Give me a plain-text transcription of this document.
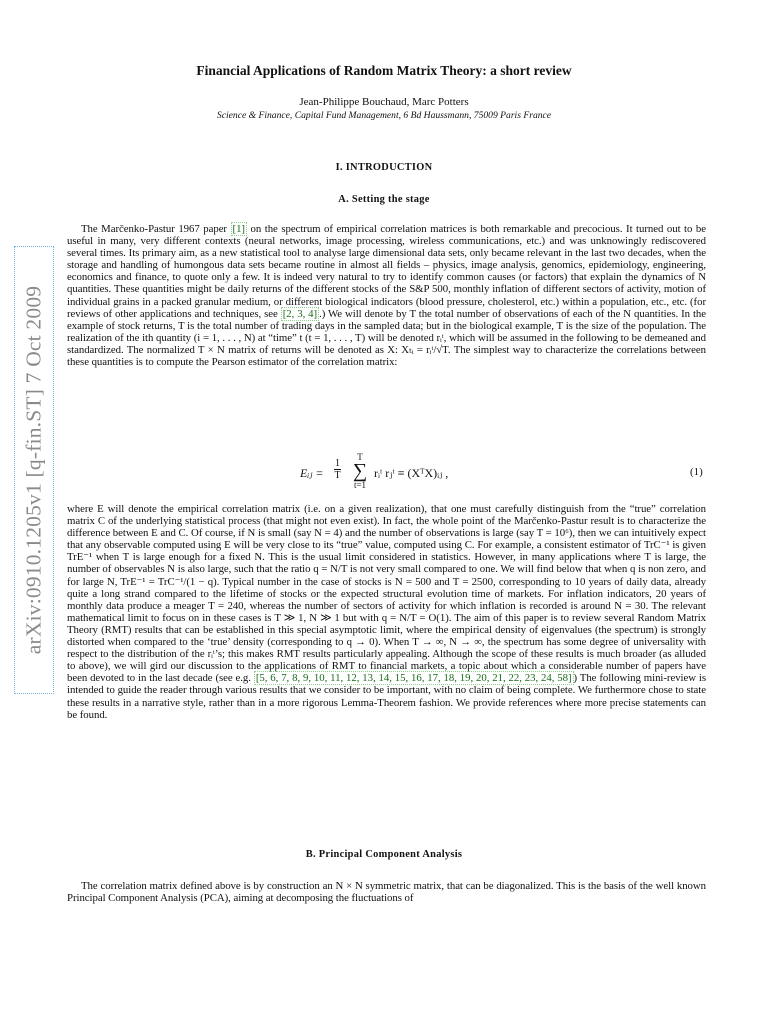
arXiv:0910.1205v1 [q-fin.ST] 7 Oct 2009
Financial Applications of Random Matrix Theory: a short review
Jean-Philippe Bouchaud, Marc Potters
Science & Finance, Capital Fund Management, 6 Bd Haussmann, 75009 Paris France
I. INTRODUCTION
A. Setting the stage

The Marčenko-Pastur 1967 paper [1] on the spectrum of empirical correlation matrices is both remarkable and precocious. It turned out to be useful in many, very different contexts (neural networks, image processing, wireless communications, etc.) and was unknowingly rediscovered several times. Its primary aim, as a new statistical tool to analyse large dimensional data sets, only became relevant in the last two decades, when the storage and handling of humongous data sets became routine in almost all fields – physics, image analysis, genomics, epidemiology, engineering, economics and finance, to quote only a few. It is indeed very natural to try to identify common causes (or factors) that explain the dynamics of N quantities. These quantities might be daily returns of the different stocks of the S&P 500, monthly inflation of different sectors of activity, motion of individual grains in a packed granular medium, or different biological indicators (blood pressure, cholesterol, etc.) within a population, etc., etc. (for reviews of other applications and techniques, see [2, 3, 4] .) We will denote by T the total number of observations of each of the N quantities. In the example of stock returns, T is the total number of trading days in the sampled data; but in the biological example, T is the size of the population. The realization of the ith quantity (i = 1, . . . , N) at “time” t (t = 1, . . . , T) will be denoted rᵢᵗ, which will be assumed in the following to be demeaned and standardized. The normalized T × N matrix of returns will be denoted as X: Xₜᵢ = rᵢᵗ/√T. The simplest way to characterize the correlations between these quantities is to compute the Pearson estimator of the correlation matrix:

Eᵢⱼ = $\frac{1}{T}$
T
∑
t=1
rᵢᵗ rⱼᵗ ≡ (XᵀX)ᵢⱼ ,	(1)

where E will denote the empirical correlation matrix (i.e. on a given realization), that one must carefully distinguish from the “true” correlation matrix C of the underlying statistical process (that might not even exist). In fact, the whole point of the Marčenko-Pastur result is to characterize the difference between E and C. Of course, if N is small (say N = 4) and the number of observations is large (say T = 10⁶), then we can intuitively expect that any observable computed using E will be very close to its “true” value, computed using C. For example, a consistent estimator of TrC⁻¹ is given TrE⁻¹ when T is large enough for a fixed N. This is the usual limit considered in statistics. However, in many applications where T is large, the number of observables N is also large, such that the ratio q = N/T is not very small compared to one. We will find below that when q is non zero, and for large N, TrE⁻¹ = TrC⁻¹/(1 − q). Typical number in the case of stocks is N = 500 and T = 2500, corresponding to 10 years of daily data, already quite a long strand compared to the lifetime of stocks or the expected structural evolution time of markets. For inflation indicators, 20 years of monthly data produce a meager T = 240, whereas the number of sectors of activity for which inflation is recorded is around N = 30. The relevant mathematical limit to focus on in these cases is T ≫ 1, N ≫ 1 but with q = N/T = O(1). The aim of this paper is to review several Random Matrix Theory (RMT) results that can be established in this special asymptotic limit, where the empirical density of eigenvalues (the spectrum) is strongly distorted when compared to the ‘true’ density (corresponding to q → 0). When T → ∞, N → ∞, the spectrum has some degree of universality with respect to the distribution of the rᵢᵗ’s; this makes RMT results particularly appealing. Although the scope of these results is much broader (as alluded to above), we will gird our discussion to the applications of RMT to financial markets, a topic about which a considerable number of papers have been devoted to in the last decade (see e.g. [5, 6, 7, 8, 9, 10, 11, 12, 13, 14, 15, 16, 17, 18, 19, 20, 21, 22, 23, 24, 58] ) The following mini-review is intended to guide the reader through various results that we consider to be important, with no claim of being complete. We furthermore chose to state these results in a narrative style, rather than in a more rigorous Lemma-Theorem fashion. We provide references where more precise statements can be found.

B. Principal Component Analysis

The correlation matrix defined above is by construction an N × N symmetric matrix, that can be diagonalized. This is the basis of the well known Principal Component Analysis (PCA), aiming at decomposing the fluctuations of
